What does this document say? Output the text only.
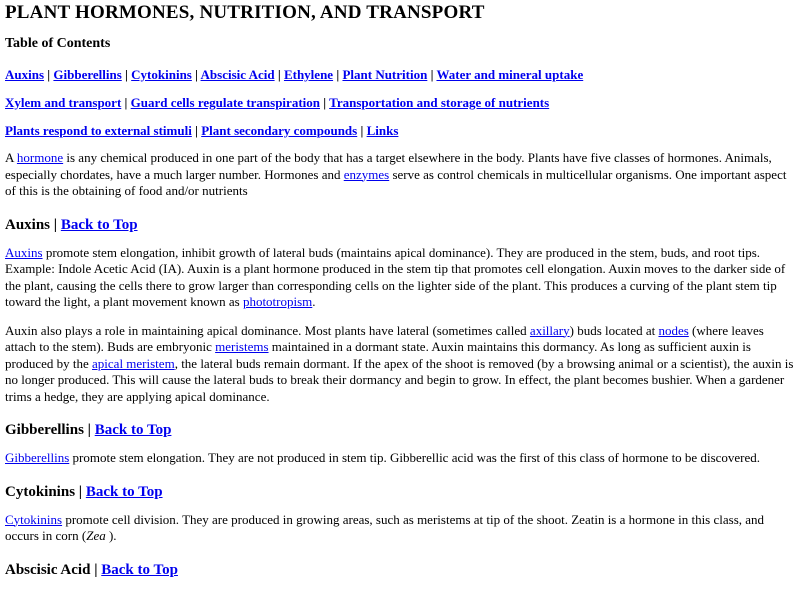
PLANT HORMONES, NUTRITION, AND TRANSPORT
Table of Contents

Auxins | Gibberellins | Cytokinins | Abscisic Acid | Ethylene | Plant Nutrition | Water and mineral uptake

Xylem and transport | Guard cells regulate transpiration | Transportation and storage of nutrients

Plants respond to external stimuli | Plant secondary compounds | Links

A hormone is any chemical produced in one part of the body that has a target elsewhere in the body. Plants have five classes of hormones. Animals, especially chordates, have a much larger number. Hormones and enzymes serve as control chemicals in multicellular organisms. One important aspect of this is the obtaining of food and/or nutrients

Auxins | Back to Top

Auxins promote stem elongation, inhibit growth of lateral buds (maintains apical dominance). They are produced in the stem, buds, and root tips. Example: Indole Acetic Acid (IA). Auxin is a plant hormone produced in the stem tip that promotes cell elongation. Auxin moves to the darker side of the plant, causing the cells there to grow larger than corresponding cells on the lighter side of the plant. This produces a curving of the plant stem tip toward the light, a plant movement known as phototropism.

Auxin also plays a role in maintaining apical dominance. Most plants have lateral (sometimes called axillary) buds located at nodes (where leaves attach to the stem). Buds are embryonic meristems maintained in a dormant state. Auxin maintains this dormancy. As long as sufficient auxin is produced by the apical meristem, the lateral buds remain dormant. If the apex of the shoot is removed (by a browsing animal or a scientist), the auxin is no longer produced. This will cause the lateral buds to break their dormancy and begin to grow. In effect, the plant becomes bushier. When a gardener trims a hedge, they are applying apical dominance.

Gibberellins | Back to Top

Gibberellins promote stem elongation. They are not produced in stem tip. Gibberellic acid was the first of this class of hormone to be discovered.

Cytokinins | Back to Top

Cytokinins promote cell division. They are produced in growing areas, such as meristems at tip of the shoot. Zeatin is a hormone in this class, and occurs in corn (Zea ).

Abscisic Acid | Back to Top
